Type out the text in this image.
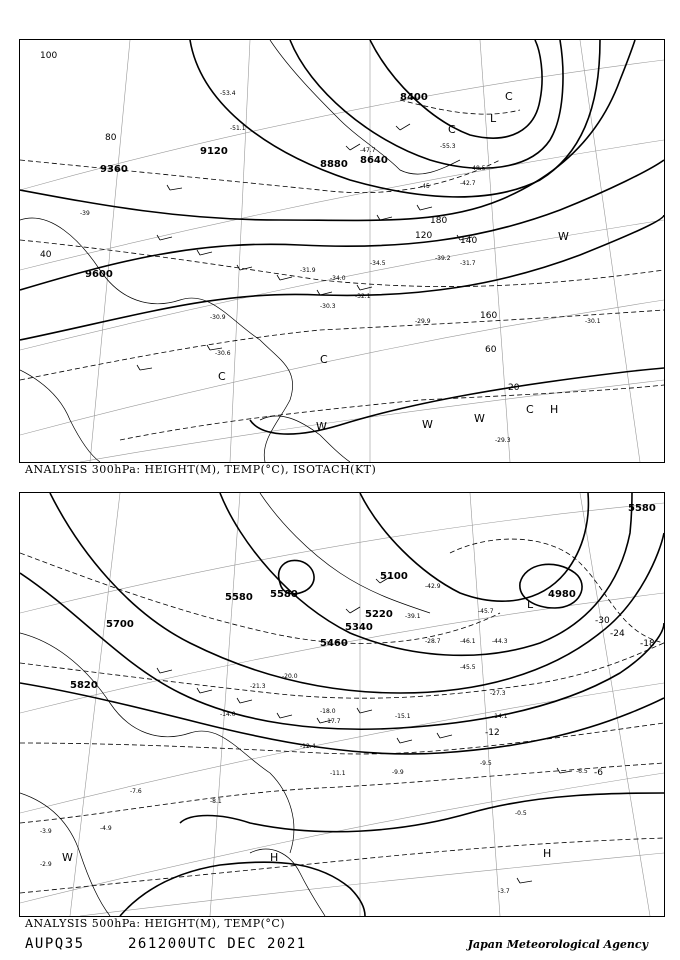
-51.1
-53.4
-47.7
-55.3
-48.5
-39
-45	-42.7
-39.2
-31.7
-34.5
-32.1
-29.9
-30.3
-30.9
-30.1
-30.6
-29.3
-34.0
-31.9
9360
9120
8880 8640
8400
9600
100
80
60
40
20
120	140
160
180
L
C
C
C
C
W	W	W
W
C H
ANALYSIS 300hPa: HEIGHT(M), TEMP(°C), ISOTACH(KT)
-45.7
-46.1	-44.3
-45.5
-42.9
-39.1
-28.7
-21.3
-27.3
-18.0
-17.7
-15.1
-14.0
-12.4
-11.1	-9.9
-9.5
-6.5
-8.1
-4.9
-3.9
-2.9
-3.7
-0.5
-14.1
-20.0
-7.6
5700
5580 5580
5820
5460
5340
5220
5100
4980
5580
-30
-24
-18
-12
-6
L
H	H
W
ANALYSIS 500hPa: HEIGHT(M), TEMP(°C)
AUPQ35	261200UTC DEC 2021	Japan Meteorological Agency
